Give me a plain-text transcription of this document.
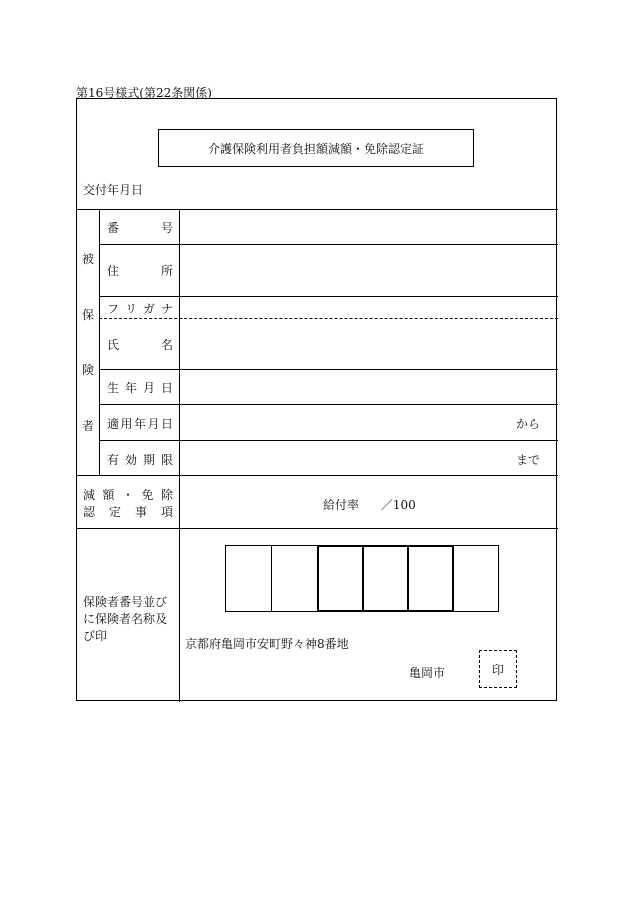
第16号様式(第22条関係)
介護保険利用者負担額減額・免除認定証
交付年月日
被
保
険
者
番	号
住	所
フ リ ガ ナ
氏	名
生 年 月 日
適 用 年 月 日	から
有 効 期 限	まで
減 額 ・ 免 除
認 定 事 項	給付率 ／100
保険者番号並び
に保険者名称及
び印
京都府亀岡市安町野々神8番地
亀岡市	印
